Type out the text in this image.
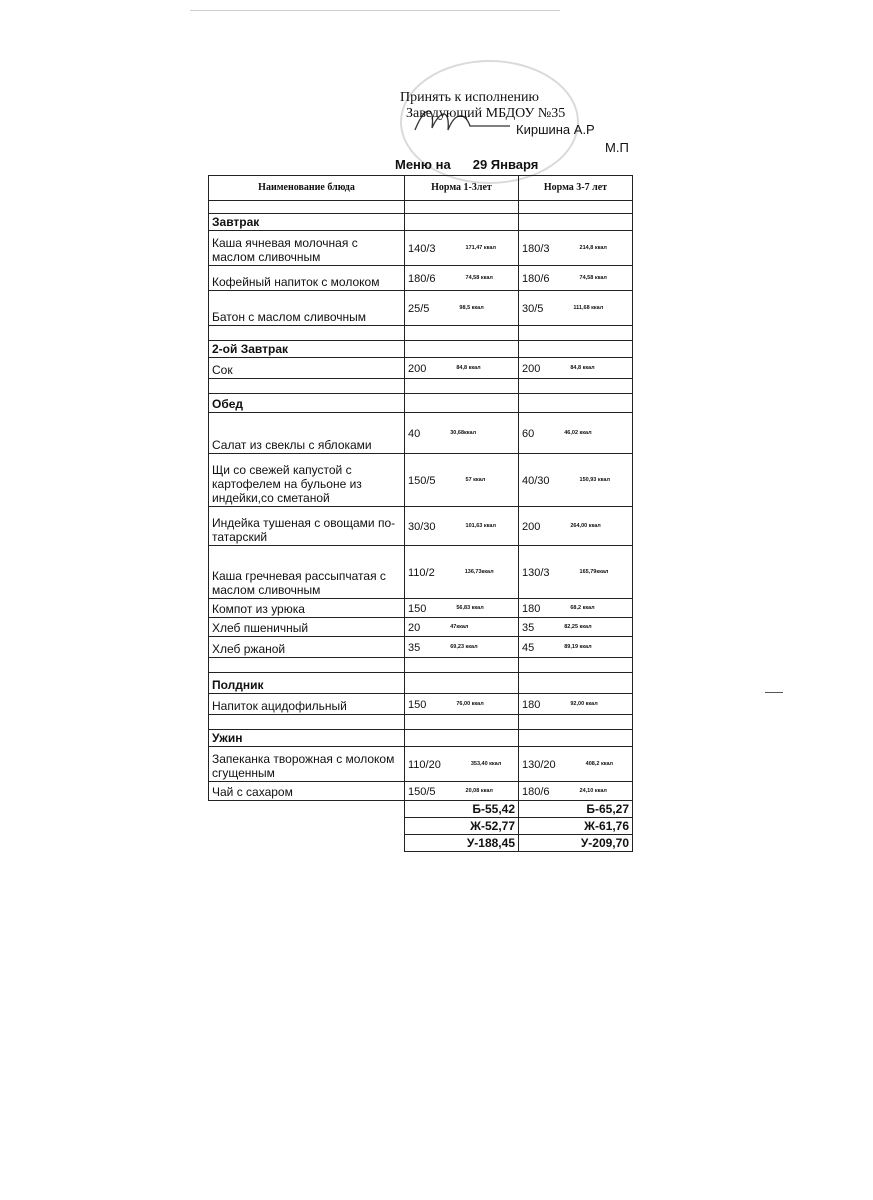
Принять к исполнению
Заведующий МБДОУ №35
Киршина А.Р
М.П
Меню на 29 Января
Наименование блюда	Норма 1-3лет	Норма 3-7 лет

Завтрак		
Каша ячневая молочная с маслом сливочным	140/3 171,47 ккал	180/3 214,8 ккал
Кофейный напиток с молоком	180/6 74,58 ккал	180/6 74,58 ккал
Батон с маслом сливочным	25/5 98,5 ккал	30/5 111,68 ккал

2-ой Завтрак		
Сок	200 84,8 ккал	200 84,8 ккал

Обед		
Салат из свеклы с яблоками	40 30,68ккал	60 46,02 ккал
Щи со свежей капустой с картофелем на бульоне из индейки,со сметаной	150/5 57 ккал	40/30 150,93 ккал
Индейка тушеная с овощами по-татарский	30/30 101,63 ккал	200 264,00 ккал
Каша гречневая рассыпчатая с маслом сливочным	110/2 136,73ккал	130/3 165,79ккал
Компот из урюка	150 56,83 ккал	180 68,2 ккал
Хлеб пшеничный	20 47ккал	35 82,25 ккал
Хлеб ржаной	35 69,23 ккал	45 89,19 ккал

Полдник		
Напиток ацидофильный	150 76,00 ккал	180 92,00 ккал

Ужин		
Запеканка творожная с молоком сгущенным	110/20 353,40 ккал	130/20 408,2 ккал
Чай с сахаром	150/5 20,08 ккал	180/6 24,10 ккал
	Б-55,42	Б-65,27
	Ж-52,77	Ж-61,76
	У-188,45	У-209,70
